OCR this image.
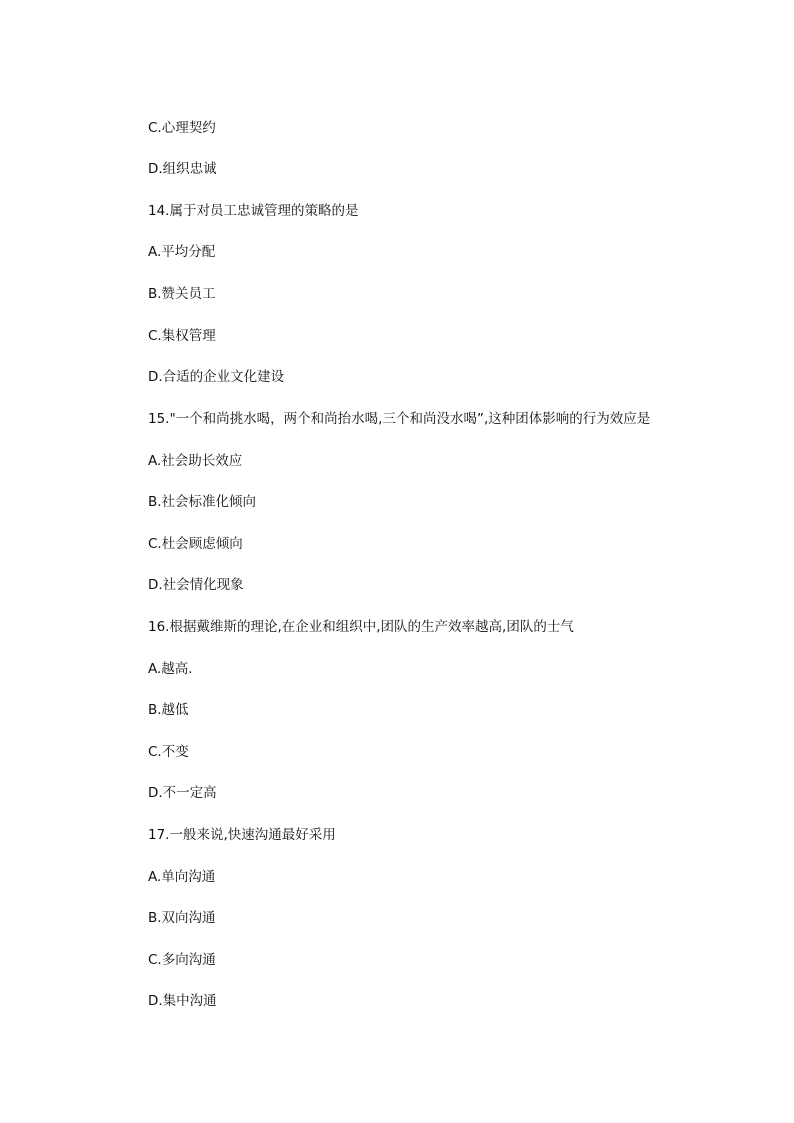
C.心理契约
D.组织忠诚
14.属于对员工忠诚管理的策略的是
A.平均分配
B.赞关员工
C.集权管理
D.合适的企业文化建设
15."一个和尚挑水喝，两个和尚抬水喝,三个和尚没水喝”,这种团体影响的行为效应是
A.社会助长效应
B.社会标准化倾向
C.杜会顾虑倾向
D.社会情化现象
16.根据戴维斯的理论,在企业和组织中,团队的生产效率越高,团队的士气
A.越高.
B.越低
C.不变
D.不一定高
17.一般来说,快速沟通最好采用
A.单向沟通
B.双向沟通
C.多向沟通
D.集中沟通
